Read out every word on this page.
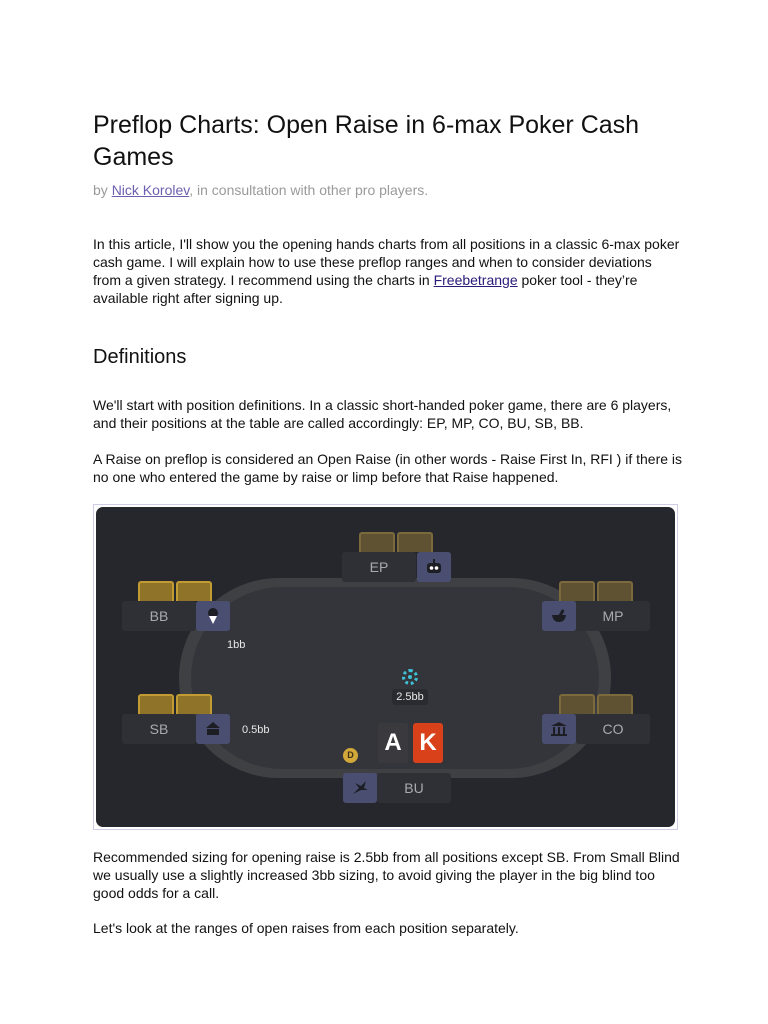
Preflop Charts: Open Raise in 6-max Poker Cash Games
by Nick Korolev, in consultation with other pro players.

In this article, I'll show you the opening hands charts from all positions in a classic 6-max poker cash game. I will explain how to use these preflop ranges and when to consider deviations from a given strategy. I recommend using the charts in Freebetrange poker tool - they’re available right after signing up.

Definitions

We'll start with position definitions. In a classic short-handed poker game, there are 6 players, and their positions at the table are called accordingly: EP, MP, CO, BU, SB, BB.

A Raise on preflop is considered an Open Raise (in other words - Raise First In, RFI ) if there is no one who entered the game by raise or limp before that Raise happened.

Recommended sizing for opening raise is 2.5bb from all positions except SB. From Small Blind we usually use a slightly increased 3bb sizing, to avoid giving the player in the big blind too good odds for a call.

Let's look at the ranges of open raises from each position separately.

EP
BB
1bb
MP
SB	0.5bb	CO
BU
2.5bb
D A K
